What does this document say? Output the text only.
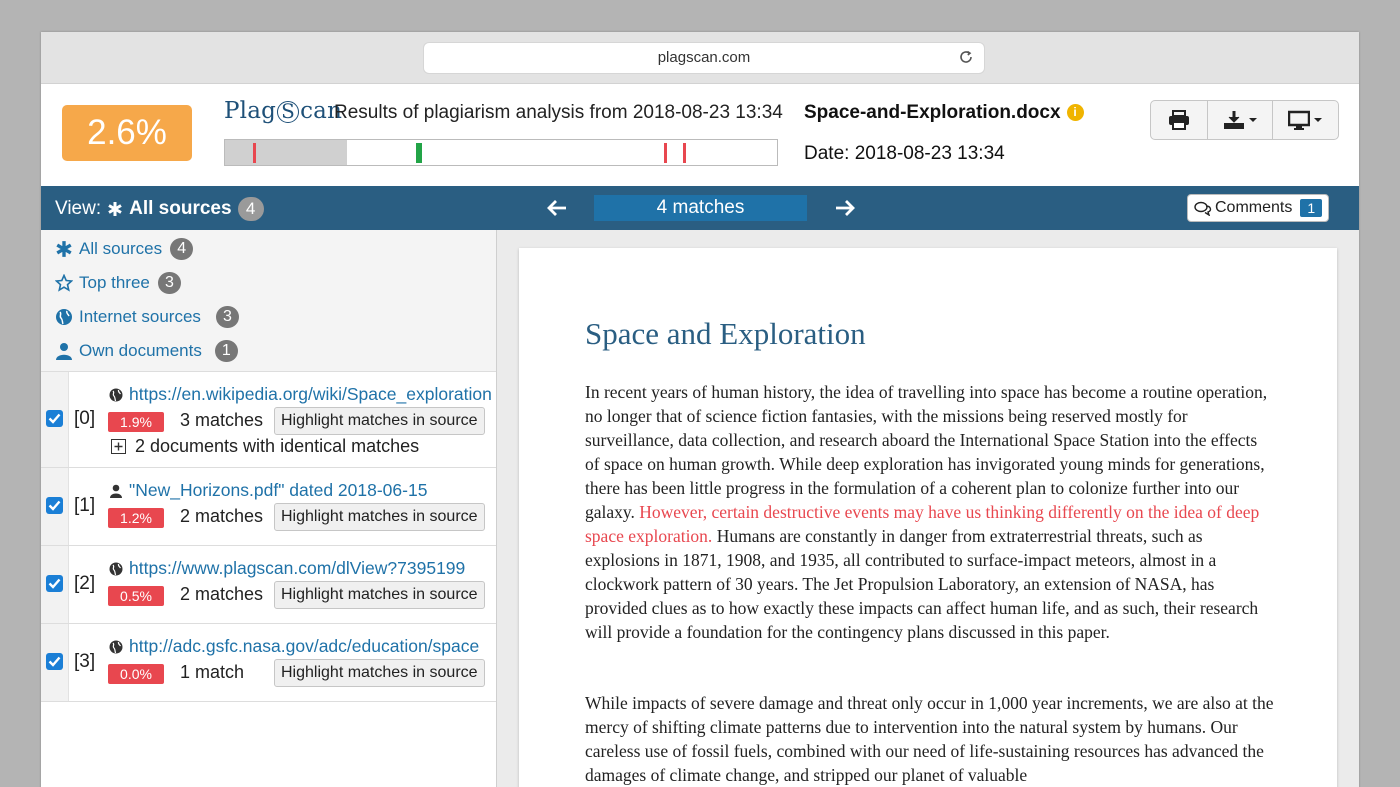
plagscan.com
2.6%
Plag S can
Results of plagiarism analysis from 2018-08-23 13:34 Space-and-Exploration.docx i
Date: 2018-08-23 13:34
View: All sources 4	4 matches	Comments	1
All sources 4
Top three 3
Internet sources	3
Own documents	1
[0]
https://en.wikipedia.org/wiki/Space_exploration
1.9%	3 matches	Highlight matches in source
2 documents with identical matches
[1]
"New_Horizons.pdf" dated 2018-06-15
1.2%	2 matches	Highlight matches in source
[2]
https://www.plagscan.com/dlView?7395199
0.5%	2 matches	Highlight matches in source
[3]
http://adc.gsfc.nasa.gov/adc/education/space
0.0%	1 match	Highlight matches in source
Space and Exploration
In recent years of human history, the idea of travelling into space has become a routine operation, no longer that of science fiction fantasies, with the missions being reserved mostly for surveillance, data collection, and research aboard the International Space Station into the effects of space on human growth. While deep exploration has invigorated young minds for generations, there has been little progress in the formulation of a coherent plan to colonize further into our galaxy. However, certain destructive events may have us thinking differently on the idea of deep space exploration. Humans are constantly in danger from extraterrestrial threats, such as explosions in 1871, 1908, and 1935, all contributed to surface-impact meteors, almost in a clockwork pattern of 30 years. The Jet Propulsion Laboratory, an extension of NASA, has provided clues as to how exactly these impacts can affect human life, and as such, their research will provide a foundation for the contingency plans discussed in this paper.
While impacts of severe damage and threat only occur in 1,000 year increments, we are also at the mercy of shifting climate patterns due to intervention into the natural system by humans. Our careless use of fossil fuels, combined with our need of life-sustaining resources has advanced the damages of climate change, and stripped our planet of valuable
